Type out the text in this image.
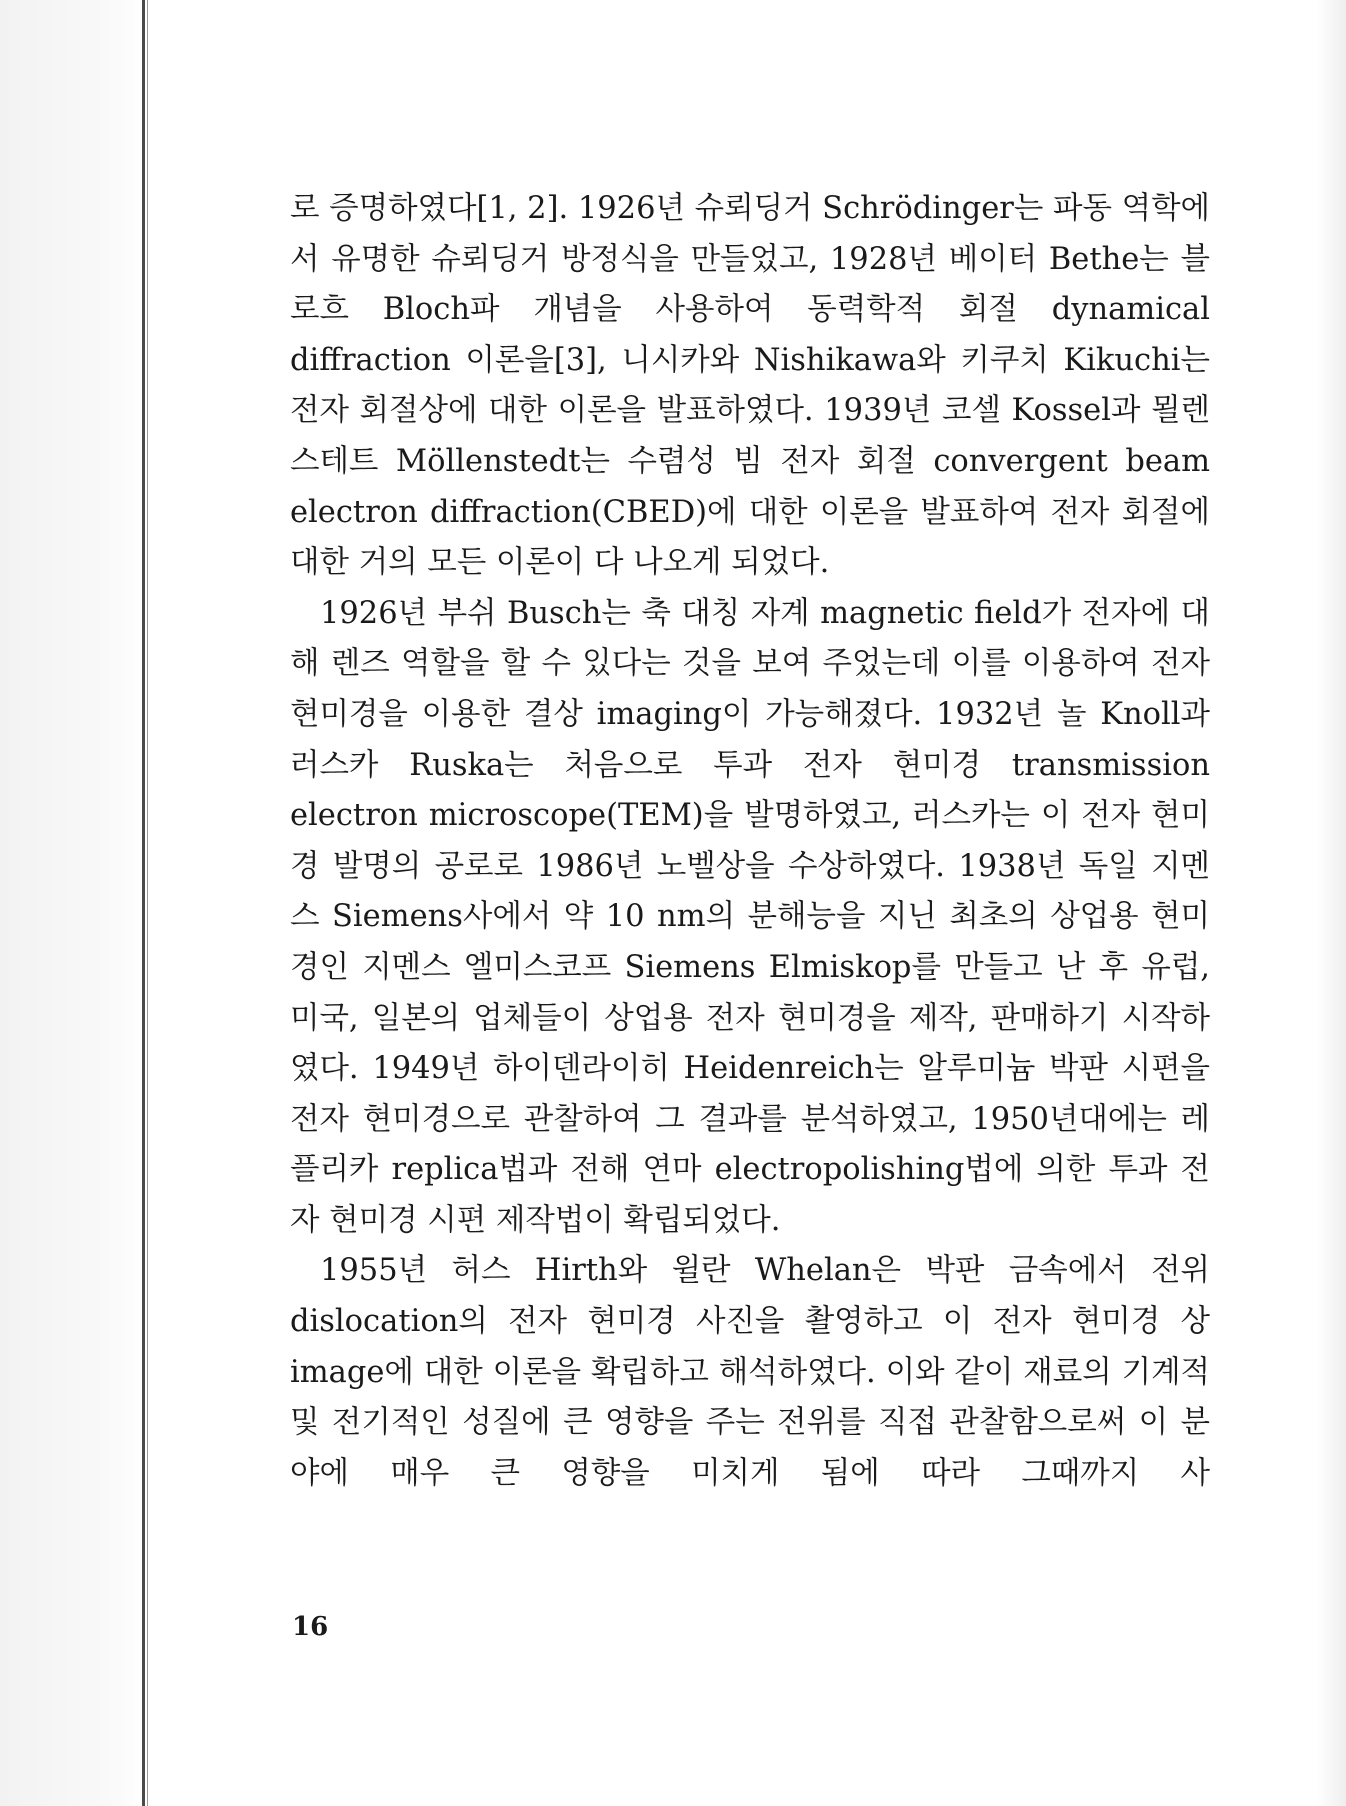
로 증명하였다[1, 2]. 1926년 슈뢰딩거 Schrödinger는 파동 역학에서 유명한 슈뢰딩거 방정식을 만들었고, 1928년 베이터 Bethe는 블로흐 Bloch파 개념을 사용하여 동력학적 회절 dynamical diffraction 이론을[3], 니시카와 Nishikawa와 키쿠치 Kikuchi는 전자 회절상에 대한 이론을 발표하였다. 1939년 코셀 Kossel과 묄렌스테트 Möllenstedt는 수렴성 빔 전자 회절 convergent beam electron diffraction(CBED)에 대한 이론을 발표하여 전자 회절에 대한 거의 모든 이론이 다 나오게 되었다.

1926년 부쉬 Busch는 축 대칭 자계 magnetic field가 전자에 대해 렌즈 역할을 할 수 있다는 것을 보여 주었는데 이를 이용하여 전자 현미경을 이용한 결상 imaging이 가능해졌다. 1932년 놀 Knoll과 러스카 Ruska는 처음으로 투과 전자 현미경 transmission electron microscope(TEM)을 발명하였고, 러스카는 이 전자 현미경 발명의 공로로 1986년 노벨상을 수상하였다. 1938년 독일 지멘스 Siemens사에서 약 10 nm의 분해능을 지닌 최초의 상업용 현미경인 지멘스 엘미스코프 Siemens Elmiskop를 만들고 난 후 유럽, 미국, 일본의 업체들이 상업용 전자 현미경을 제작, 판매하기 시작하였다. 1949년 하이덴라이히 Heidenreich는 알루미늄 박판 시편을 전자 현미경으로 관찰하여 그 결과를 분석하였고, 1950년대에는 레플리카 replica법과 전해 연마 electropolishing법에 의한 투과 전자 현미경 시편 제작법이 확립되었다.

1955년 허스 Hirth와 윌란 Whelan은 박판 금속에서 전위 dislocation의 전자 현미경 사진을 촬영하고 이 전자 현미경 상 image에 대한 이론을 확립하고 해석하였다. 이와 같이 재료의 기계적 및 전기적인 성질에 큰 영향을 주는 전위를 직접 관찰함으로써 이 분야에 매우 큰 영향을 미치게 됨에 따라 그때까지 사

16
